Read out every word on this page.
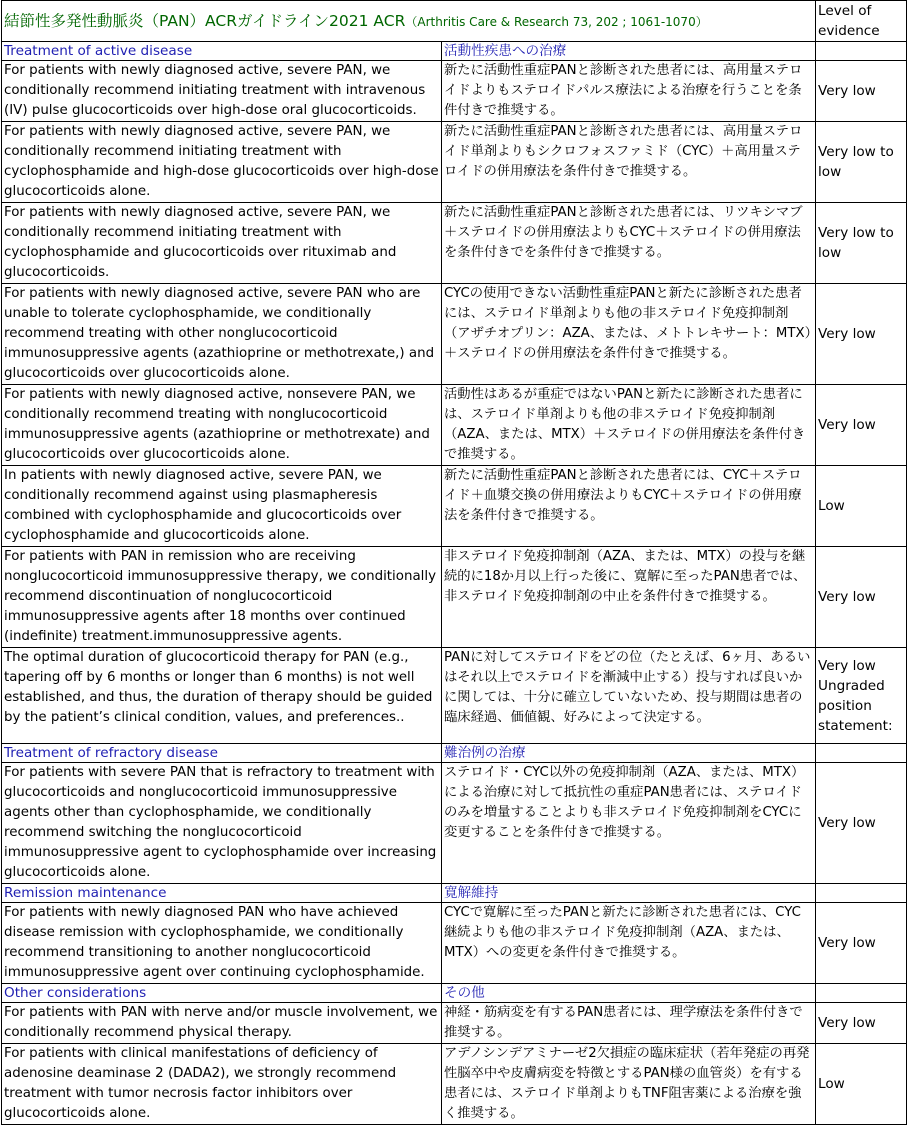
結節性多発性動脈炎（PAN）ACRガイドライン2021 ACR（Arthritis Care & Research 73, 202 ; 1061-1070）		Level of evidence
Treatment of active disease	活動性疾患への治療	
For patients with newly diagnosed active, severe PAN, we conditionally recommend initiating treatment with intravenous (IV) pulse glucocorticoids over high-dose oral glucocorticoids.	新たに活動性重症PANと診断された患者には、高用量ステロイドよりもステロイドパルス療法による治療を行うことを条件付きで推奨する。	Very low
For patients with newly diagnosed active, severe PAN, we conditionally recommend initiating treatment with cyclophosphamide and high-dose glucocorticoids over high-dose glucocorticoids alone.	新たに活動性重症PANと診断された患者には、高用量ステロイド単剤よりもシクロフォスファミド（CYC）＋高用量ステロイドの併用療法を条件付きで推奨する。	Very low to low
For patients with newly diagnosed active, severe PAN, we conditionally recommend initiating treatment with cyclophosphamide and glucocorticoids over rituximab and glucocorticoids.	新たに活動性重症PANと診断された患者には、リツキシマブ＋ステロイドの併用療法よりもCYC＋ステロイドの併用療法を条件付きでを条件付きで推奨する。	Very low to low
For patients with newly diagnosed active, severe PAN who are unable to tolerate cyclophosphamide, we conditionally recommend treating with other nonglucocorticoid immunosuppressive agents (azathioprine or methotrexate,) and glucocorticoids over glucocorticoids alone.	CYCの使用できない活動性重症PANと新たに診断された患者には、ステロイド単剤よりも他の非ステロイド免疫抑制剤（アザチオプリン：AZA、または、メトトレキサート：MTX）＋ステロイドの併用療法を条件付きで推奨する。	Very low
For patients with newly diagnosed active, nonsevere PAN, we conditionally recommend treating with nonglucocorticoid immunosuppressive agents (azathioprine or methotrexate) and glucocorticoids over glucocorticoids alone.	活動性はあるが重症ではないPANと新たに診断された患者には、ステロイド単剤よりも他の非ステロイド免疫抑制剤（AZA、または、MTX）＋ステロイドの併用療法を条件付きで推奨する。	Very low
In patients with newly diagnosed active, severe PAN, we conditionally recommend against using plasmapheresis combined with cyclophosphamide and glucocorticoids over cyclophosphamide and glucocorticoids alone.	新たに活動性重症PANと診断された患者には、CYC＋ステロイド＋血漿交換の併用療法よりもCYC＋ステロイドの併用療法を条件付きで推奨する。	Low
For patients with PAN in remission who are receiving nonglucocorticoid immunosuppressive therapy, we conditionally recommend discontinuation of nonglucocorticoid immunosuppressive agents after 18 months over continued (indefinite) treatment.immunosuppressive agents.	非ステロイド免疫抑制剤（AZA、または、MTX）の投与を継続的に18か月以上行った後に、寛解に至ったPAN患者では、非ステロイド免疫抑制剤の中止を条件付きで推奨する。	Very low
The optimal duration of glucocorticoid therapy for PAN (e.g., tapering off by 6 months or longer than 6 months) is not well established, and thus, the duration of therapy should be guided by the patient’s clinical condition, values, and preferences..	PANに対してステロイドをどの位（たとえば、6ヶ月、あるいはそれ以上でステロイドを漸減中止する）投与すれば良いかに関しては、十分に確立していないため、投与期間は患者の臨床経過、価値観、好みによって決定する。	Very low Ungraded position statement:
Treatment of refractory disease	難治例の治療	
For patients with severe PAN that is refractory to treatment with glucocorticoids and nonglucocorticoid immunosuppressive agents other than cyclophosphamide, we conditionally recommend switching the nonglucocorticoid immunosuppressive agent to cyclophosphamide over increasing glucocorticoids alone.	ステロイド・CYC以外の免疫抑制剤（AZA、または、MTX）による治療に対して抵抗性の重症PAN患者には、ステロイドのみを増量することよりも非ステロイド免疫抑制剤をCYCに変更することを条件付きで推奨する。	Very low
Remission maintenance	寛解維持	
For patients with newly diagnosed PAN who have achieved disease remission with cyclophosphamide, we conditionally recommend transitioning to another nonglucocorticoid immunosuppressive agent over continuing cyclophosphamide.	CYCで寛解に至ったPANと新たに診断された患者には、CYC継続よりも他の非ステロイド免疫抑制剤（AZA、または、MTX）への変更を条件付きで推奨する。	Very low
Other considerations	その他	
For patients with PAN with nerve and/or muscle involvement, we conditionally recommend physical therapy.	神経・筋病変を有するPAN患者には、理学療法を条件付きで推奨する。	Very low
For patients with clinical manifestations of deficiency of adenosine deaminase 2 (DADA2), we strongly recommend treatment with tumor necrosis factor inhibitors over glucocorticoids alone.	アデノシンデアミナーゼ2欠損症の臨床症状（若年発症の再発性脳卒中や皮膚病変を特徴とするPAN様の血管炎）を有する患者には、ステロイド単剤よりもTNF阻害薬による治療を強く推奨する。	Low
